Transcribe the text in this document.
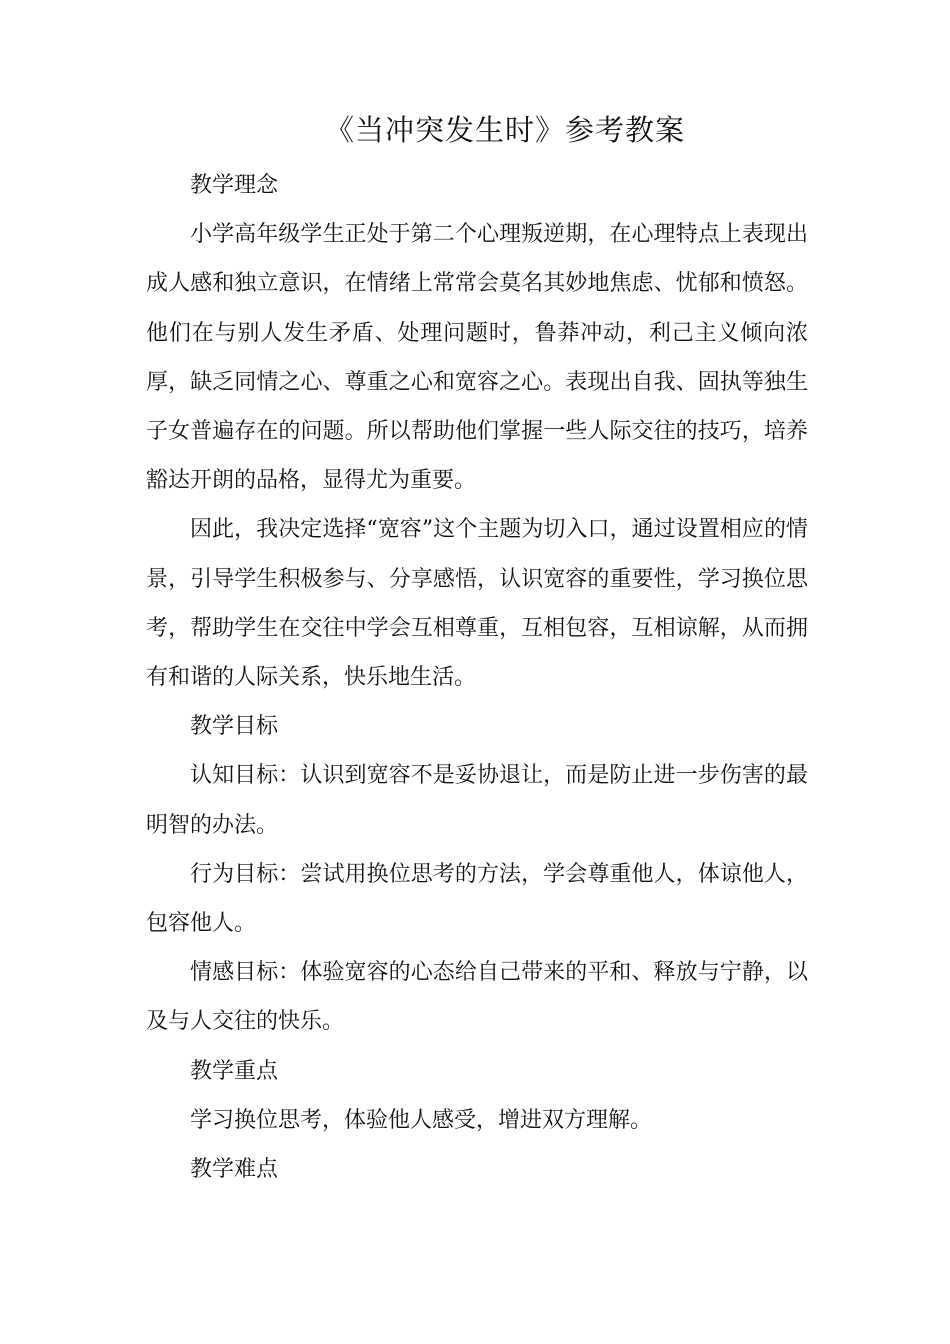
《当冲突发生时》参考教案

教学理念

小学高年级学生正处于第二个心理叛逆期，在心理特点上表现出成人感和独立意识，在情绪上常常会莫名其妙地焦虑、忧郁和愤怒。他们在与别人发生矛盾、处理问题时，鲁莽冲动，利己主义倾向浓厚，缺乏同情之心、尊重之心和宽容之心。表现出自我、固执等独生子女普遍存在的问题。所以帮助他们掌握一些人际交往的技巧，培养豁达开朗的品格，显得尤为重要。

因此，我决定选择“宽容”这个主题为切入口，通过设置相应的情景，引导学生积极参与、分享感悟，认识宽容的重要性，学习换位思考，帮助学生在交往中学会互相尊重，互相包容，互相谅解，从而拥有和谐的人际关系，快乐地生活。

教学目标

认知目标：认识到宽容不是妥协退让，而是防止进一步伤害的最明智的办法。

行为目标：尝试用换位思考的方法，学会尊重他人，体谅他人，包容他人。

情感目标：体验宽容的心态给自己带来的平和、释放与宁静，以及与人交往的快乐。

教学重点

学习换位思考，体验他人感受，增进双方理解。

教学难点
